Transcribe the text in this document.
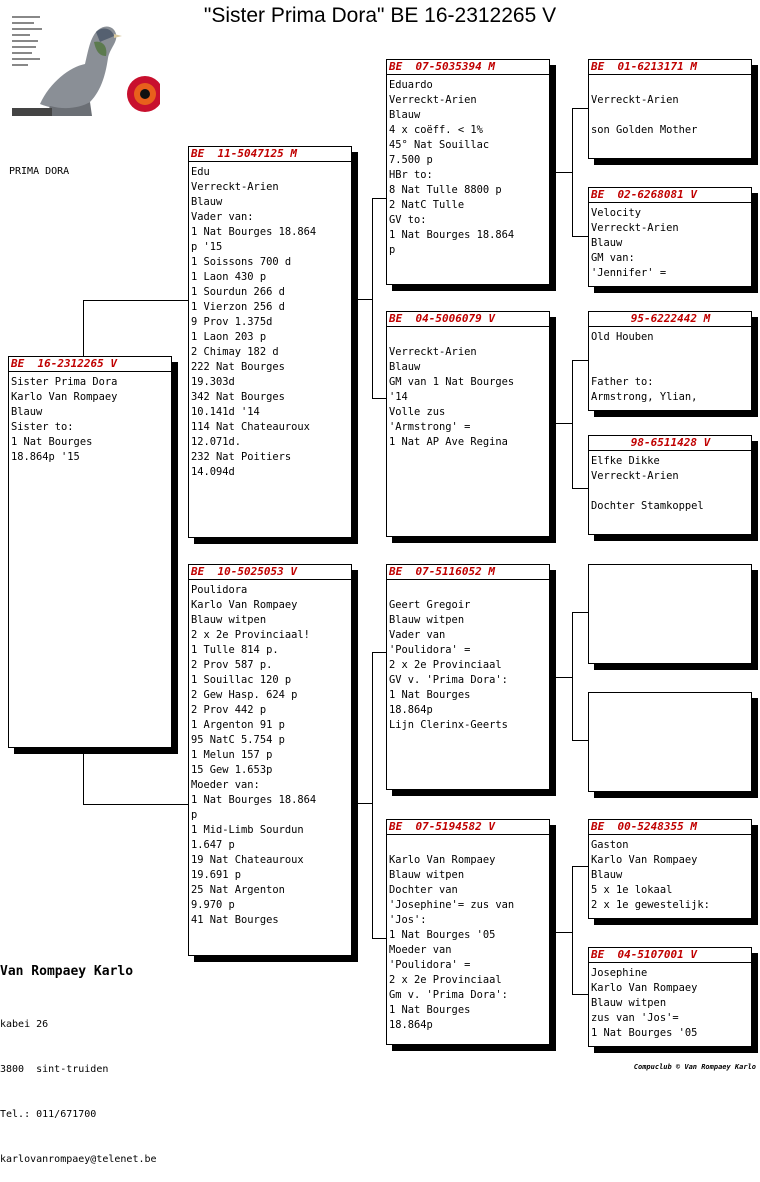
"Sister Prima Dora" BE 16-2312265 V
PRIMA DORA
BE  16-2312265 V
Sister Prima Dora
Karlo Van Rompaey
Blauw
Sister to:
1 Nat Bourges
18.864p '15
BE  11-5047125 M
Edu
Verreckt-Arien
Blauw
Vader van:
1 Nat Bourges 18.864
p '15
1 Soissons 700 d
1 Laon 430 p
1 Sourdun 266 d
1 Vierzon 256 d
9 Prov 1.375d
1 Laon 203 p
2 Chimay 182 d
222 Nat Bourges
19.303d
342 Nat Bourges
10.141d '14
114 Nat Chateauroux
12.071d.
232 Nat Poitiers
14.094d
BE  10-5025053 V
Poulidora
Karlo Van Rompaey
Blauw witpen
2 x 2e Provinciaal!
1 Tulle 814 p.
2 Prov 587 p.
1 Souillac 120 p
2 Gew Hasp. 624 p
2 Prov 442 p
1 Argenton 91 p
95 NatC 5.754 p
1 Melun 157 p
15 Gew 1.653p
Moeder van:
1 Nat Bourges 18.864
p
1 Mid-Limb Sourdun
1.647 p
19 Nat Chateauroux
19.691 p
25 Nat Argenton
9.970 p
41 Nat Bourges
BE  07-5035394 M
Eduardo
Verreckt-Arien
Blauw
4 x coëff. < 1%
45° Nat Souillac
7.500 p
HBr to:
8 Nat Tulle 8800 p
2 NatC Tulle
GV to:
1 Nat Bourges 18.864
p
BE  04-5006079 V

Verreckt-Arien
Blauw
GM van 1 Nat Bourges
'14
Volle zus
'Armstrong' =
1 Nat AP Ave Regina
BE  07-5116052 M

Geert Gregoir
Blauw witpen
Vader van
'Poulidora' =
2 x 2e Provinciaal
GV v. 'Prima Dora':
1 Nat Bourges
18.864p
Lijn Clerinx-Geerts
BE  07-5194582 V

Karlo Van Rompaey
Blauw witpen
Dochter van
'Josephine'= zus van
'Jos':
1 Nat Bourges '05
Moeder van
'Poulidora' =
2 x 2e Provinciaal
Gm v. 'Prima Dora':
1 Nat Bourges
18.864p
BE  01-6213171 M

Verreckt-Arien

son Golden Mother
BE  02-6268081 V
Velocity
Verreckt-Arien
Blauw
GM van:
'Jennifer' =
95-6222442 M
Old Houben

Father to:
Armstrong, Ylian,
98-6511428 V
Elfke Dikke
Verreckt-Arien

Dochter Stamkoppel
BE  00-5248355 M
Gaston
Karlo Van Rompaey
Blauw
5 x 1e lokaal
2 x 1e gewestelijk:
BE  04-5107001 V
Josephine
Karlo Van Rompaey
Blauw witpen
zus van 'Jos'=
1 Nat Bourges '05
Van Rompaey Karlo

kabei 26

3800  sint-truiden

Tel.: 011/671700

karlovanrompaey@telenet.be

Compuclub © Van Rompaey Karlo
